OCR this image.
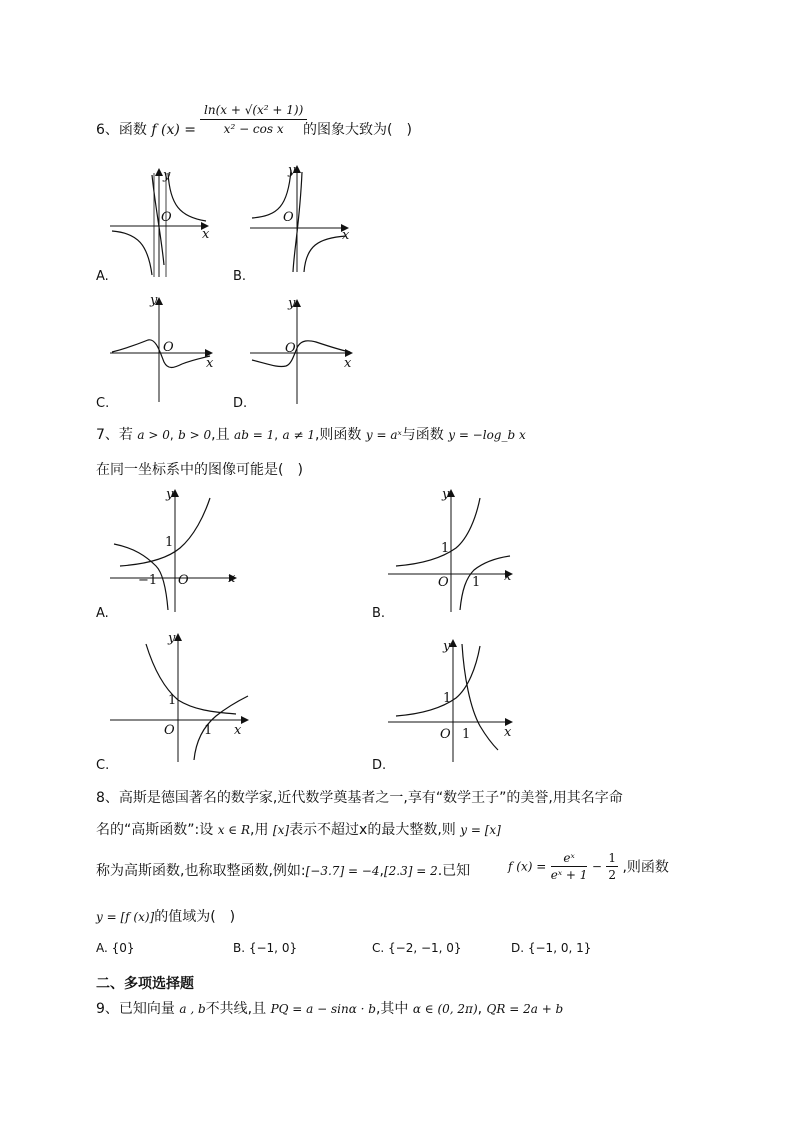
6、函数 f $(x) = \frac{\text{ln(x + √(x² + 1))}}{\text{x² − cos x}}$
的图象大致为(　)
y
O
x
A.
y
O
x
B.
y
O
x
C.
y
O
x
D.
7、若 a > 0, b > 0,且 ab = 1, a ≠ 1,则函数 y = aˣ与函数 y = −log_b x
在同一坐标系中的图像可能是(　)
y
1
−1 O	x
A.
y
1
O 1 x
B.
y
1
O 1 x
C.
y
1
O 1	x
D.
8、高斯是德国著名的数学家,近代数学奠基者之一,享有“数学王子”的美誉,用其名字命
名的“高斯函数”:设 x ∈ R,用 [x]表示不超过x的最大整数,则 y = [x]
称为高斯函数,也称取整函数,例如:[−3.7] = −4,[2.3] = 2.已知	f $(x) = \frac{\text{eˣ}}{\text{eˣ + 1}} - \frac{1}{2}$ ,则函数
y = [f (x)]的值域为(　)
A. {0}	B. {−1, 0}	C. {−2, −1, 0}	D. {−1, 0, 1}
二、多项选择题
9、已知向量 a , b不共线,且 PQ = a − sinα · b,其中 α ∈ (0, 2π), QR = 2a + b
